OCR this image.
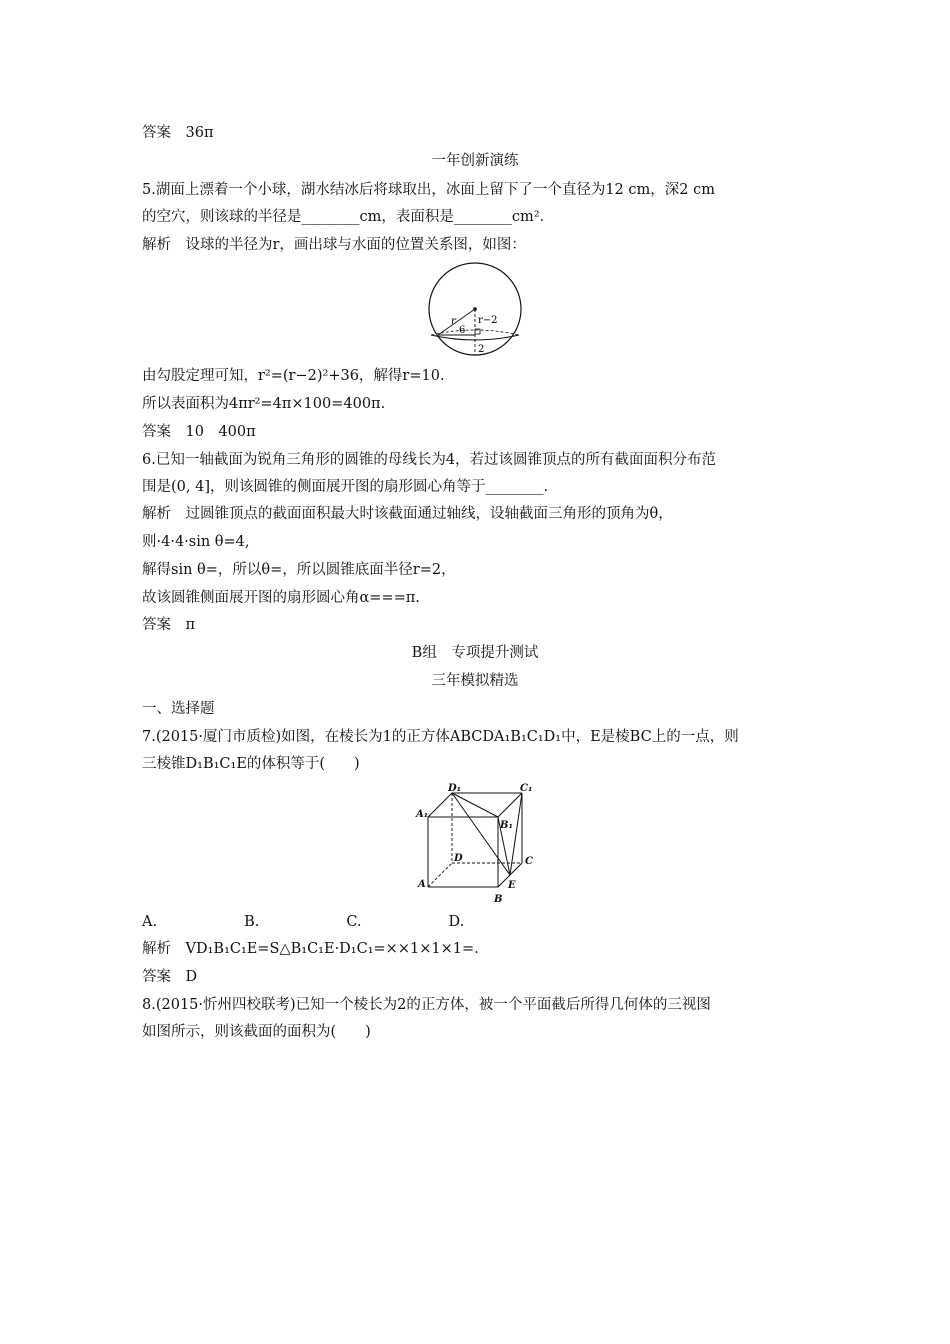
答案　36π
一年创新演练
5.湖面上漂着一个小球，湖水结冰后将球取出，冰面上留下了一个直径为12 cm，深2 cm
的空穴，则该球的半径是________cm，表面积是________cm².
解析　设球的半径为r，画出球与水面的位置关系图，如图：
r r−2
6
2
由勾股定理可知，r²=(r−2)²+36，解得r=10.
所以表面积为4πr²=4π×100=400π.
答案　10　400π
6.已知一轴截面为锐角三角形的圆锥的母线长为4，若过该圆锥顶点的所有截面面积分布范
围是(0, 4]，则该圆锥的侧面展开图的扇形圆心角等于________.
解析　过圆锥顶点的截面面积最大时该截面通过轴线，设轴截面三角形的顶角为θ，
则·4·4·sin θ=4,
解得sin θ=，所以θ=，所以圆锥底面半径r=2，
故该圆锥侧面展开图的扇形圆心角α===π.
答案　π
B组　专项提升测试
三年模拟精选
一、选择题
7.(2015·厦门市质检)如图，在棱长为1的正方体ABCDA₁B₁C₁D₁中，E是棱BC上的一点，则
三棱锥D₁B₁C₁E的体积等于(　　)
A
B
C
D
A₁
B₁
C₁
D₁
E
A.　　　　　　B.　　　　　　C.　　　　　　D.
解析　VD₁B₁C₁E=S△B₁C₁E·D₁C₁=××1×1×1=.
答案　D
8.(2015·忻州四校联考)已知一个棱长为2的正方体，被一个平面截后所得几何体的三视图
如图所示，则该截面的面积为(　　)
